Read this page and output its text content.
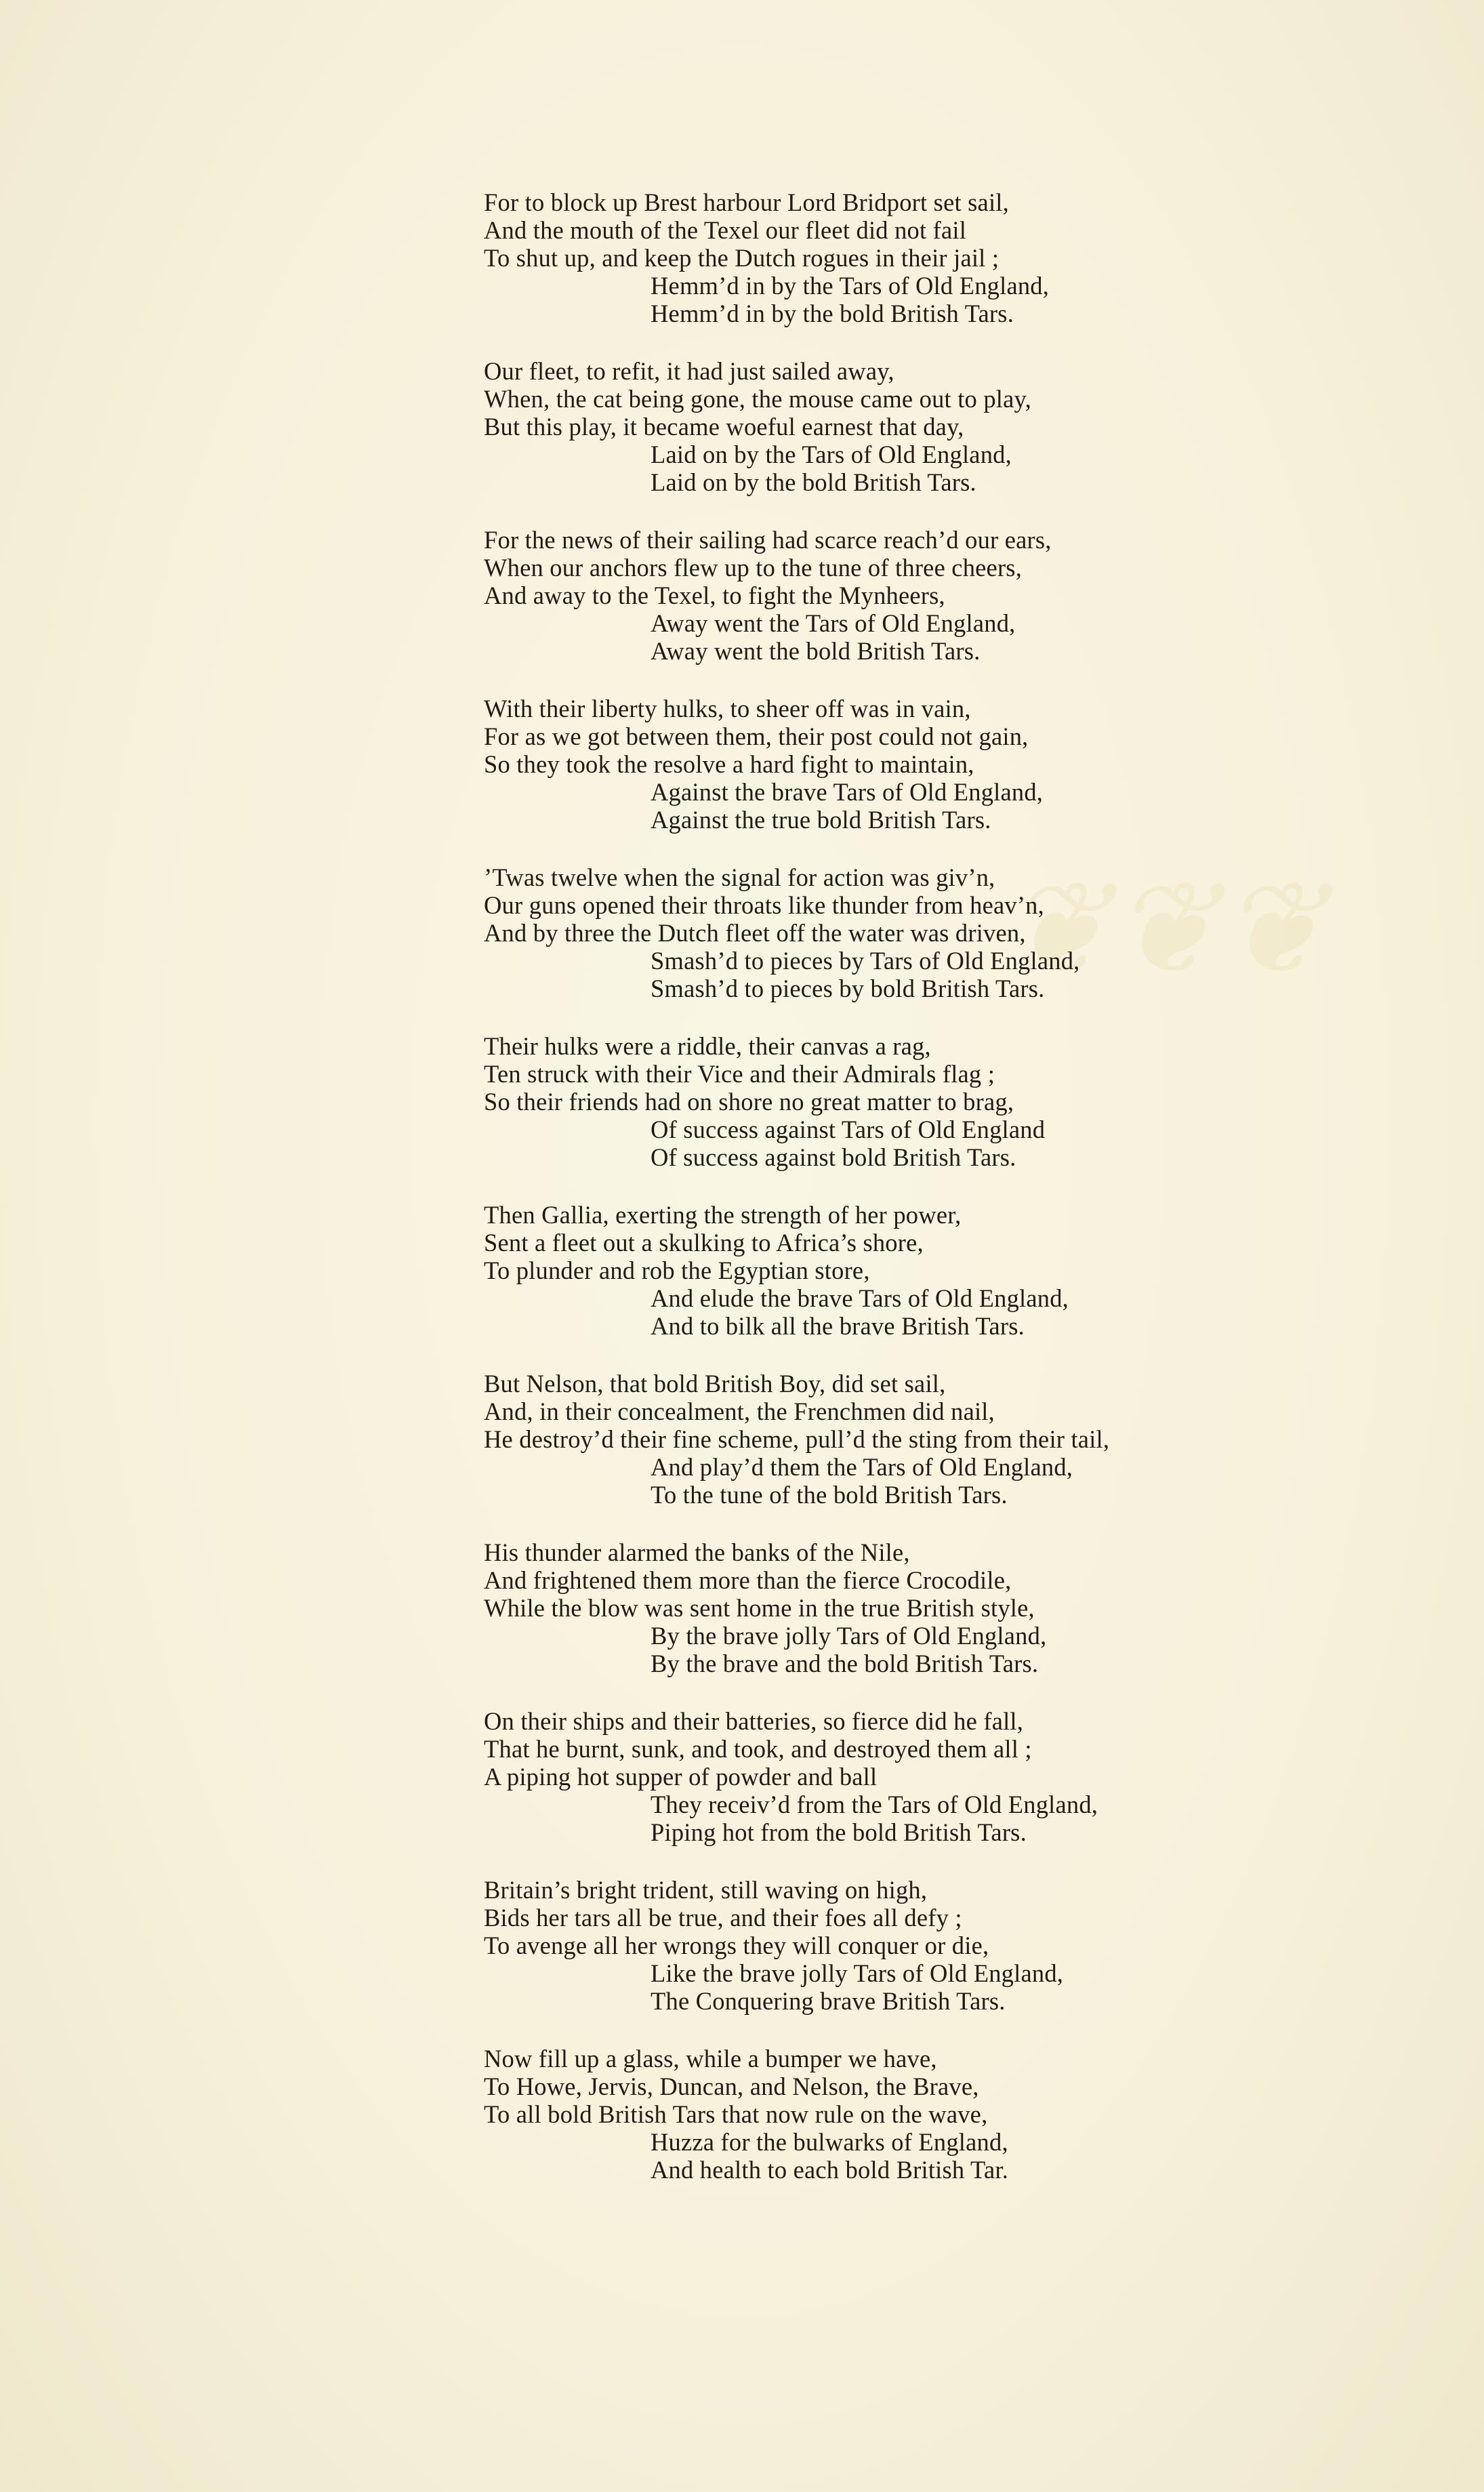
❦❦❦
For to block up Brest harbour Lord Bridport set sail,
And the mouth of the Texel our fleet did not fail
To shut up, and keep the Dutch rogues in their jail ;
Hemm’d in by the Tars of Old England,
Hemm’d in by the bold British Tars.
Our fleet, to refit, it had just sailed away,
When, the cat being gone, the mouse came out to play,
But this play, it became woeful earnest that day,
Laid on by the Tars of Old England,
Laid on by the bold British Tars.
For the news of their sailing had scarce reach’d our ears,
When our anchors flew up to the tune of three cheers,
And away to the Texel, to fight the Mynheers,
Away went the Tars of Old England,
Away went the bold British Tars.
With their liberty hulks, to sheer off was in vain,
For as we got between them, their post could not gain,
So they took the resolve a hard fight to maintain,
Against the brave Tars of Old England,
Against the true bold British Tars.
’Twas twelve when the signal for action was giv’n,
Our guns opened their throats like thunder from heav’n,
And by three the Dutch fleet off the water was driven,
Smash’d to pieces by Tars of Old England,
Smash’d to pieces by bold British Tars.
Their hulks were a riddle, their canvas a rag,
Ten struck with their Vice and their Admirals flag ;
So their friends had on shore no great matter to brag,
Of success against Tars of Old England
Of success against bold British Tars.
Then Gallia, exerting the strength of her power,
Sent a fleet out a skulking to Africa’s shore,
To plunder and rob the Egyptian store,
And elude the brave Tars of Old England,
And to bilk all the brave British Tars.
But Nelson, that bold British Boy, did set sail,
And, in their concealment, the Frenchmen did nail,
He destroy’d their fine scheme, pull’d the sting from their tail,
And play’d them the Tars of Old England,
To the tune of the bold British Tars.
His thunder alarmed the banks of the Nile,
And frightened them more than the fierce Crocodile,
While the blow was sent home in the true British style,
By the brave jolly Tars of Old England,
By the brave and the bold British Tars.
On their ships and their batteries, so fierce did he fall,
That he burnt, sunk, and took, and destroyed them all ;
A piping hot supper of powder and ball
They receiv’d from the Tars of Old England,
Piping hot from the bold British Tars.
Britain’s bright trident, still waving on high,
Bids her tars all be true, and their foes all defy ;
To avenge all her wrongs they will conquer or die,
Like the brave jolly Tars of Old England,
The Conquering brave British Tars.
Now fill up a glass, while a bumper we have,
To Howe, Jervis, Duncan, and Nelson, the Brave,
To all bold British Tars that now rule on the wave,
Huzza for the bulwarks of England,
And health to each bold British Tar.
